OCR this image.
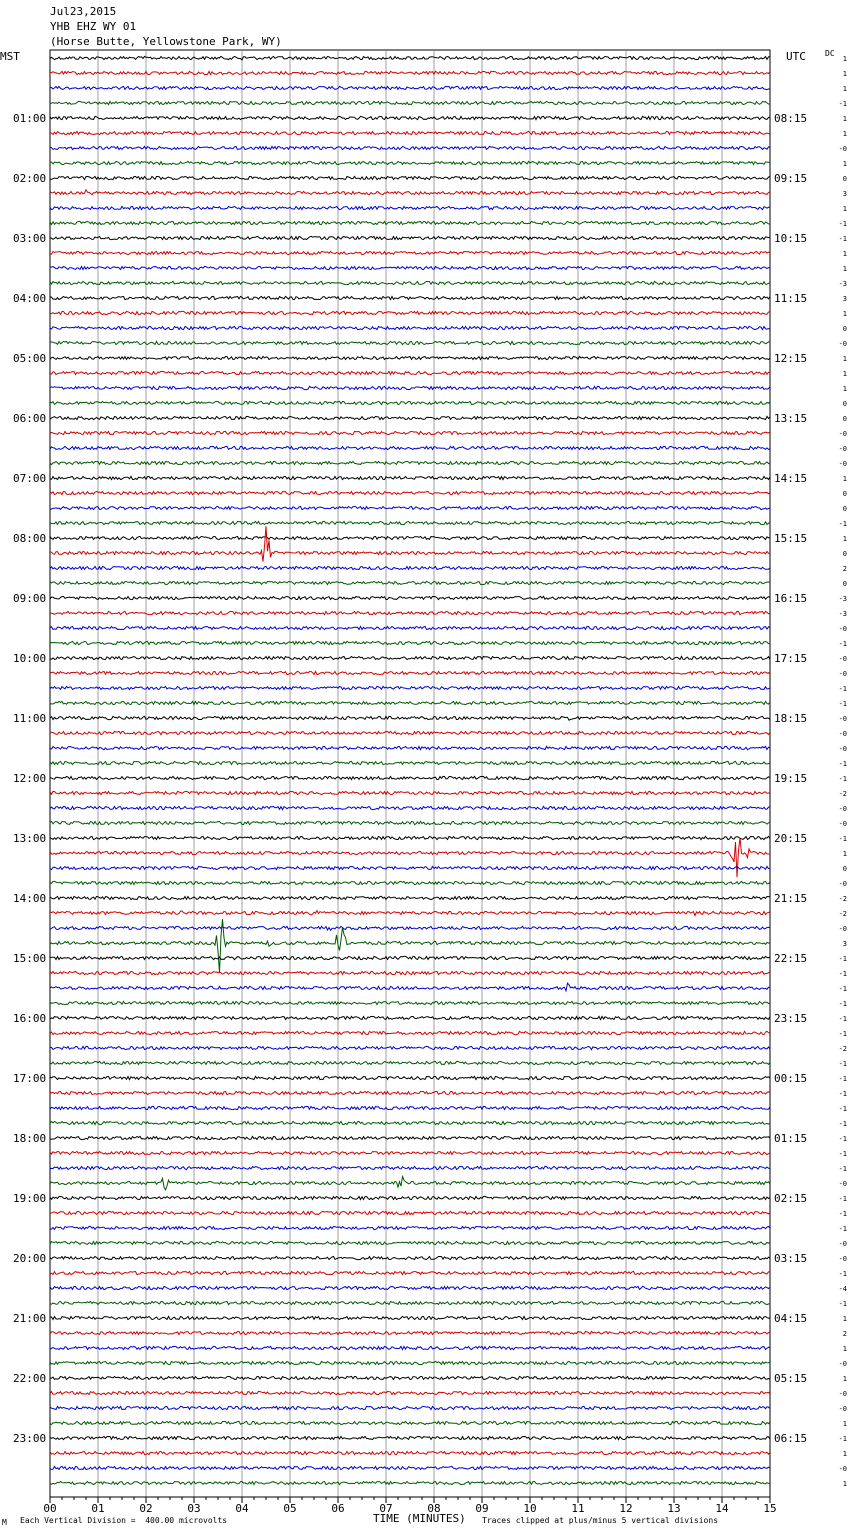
Jul23,2015
YHB EHZ WY 01
(Horse Butte, Yellowstone Park, WY)
MST	UTC DC
00	01	02	03	04	05	06	07	08	09	10	11	12	13	14	15
1
1
1
-1
1
1
-0
1
0
3
1
-1
-1
1
1
-3
3
1
0
-0
1
1
1
0
0
-0
-0
-0
1
0
0
-1
1
0
2
0
-3
-3
-0
-1
-0
-0
-1
-1
-0
-0
-0
-1
-1
-2
-0
-0
-1
1
0
-0
-2
-2
-0
3
-1
-1
-1
-1
-1
-1
-2
-1
-1
-1
-1
-1
-1
-1
-1
-0
-1
-1
-1
-0
-0
-1
-4
-1
1
2
1
-0
1
-0
-0
1
-1
1
-0
1
01:00	08:15
02:00	09:15
03:00	10:15
04:00	11:15
05:00	12:15
06:00	13:15
07:00	14:15
08:00	15:15
09:00	16:15
10:00	17:15
11:00	18:15
12:00	19:15
13:00	20:15
14:00	21:15
15:00	22:15
16:00	23:15
17:00	00:15
18:00	01:15
19:00	02:15
20:00	03:15
21:00	04:15
22:00	05:15
23:00	06:15
M Each Vertical Division =  400.00 microvolts	TIME (MINUTES) Traces clipped at plus/minus 5 vertical divisions
